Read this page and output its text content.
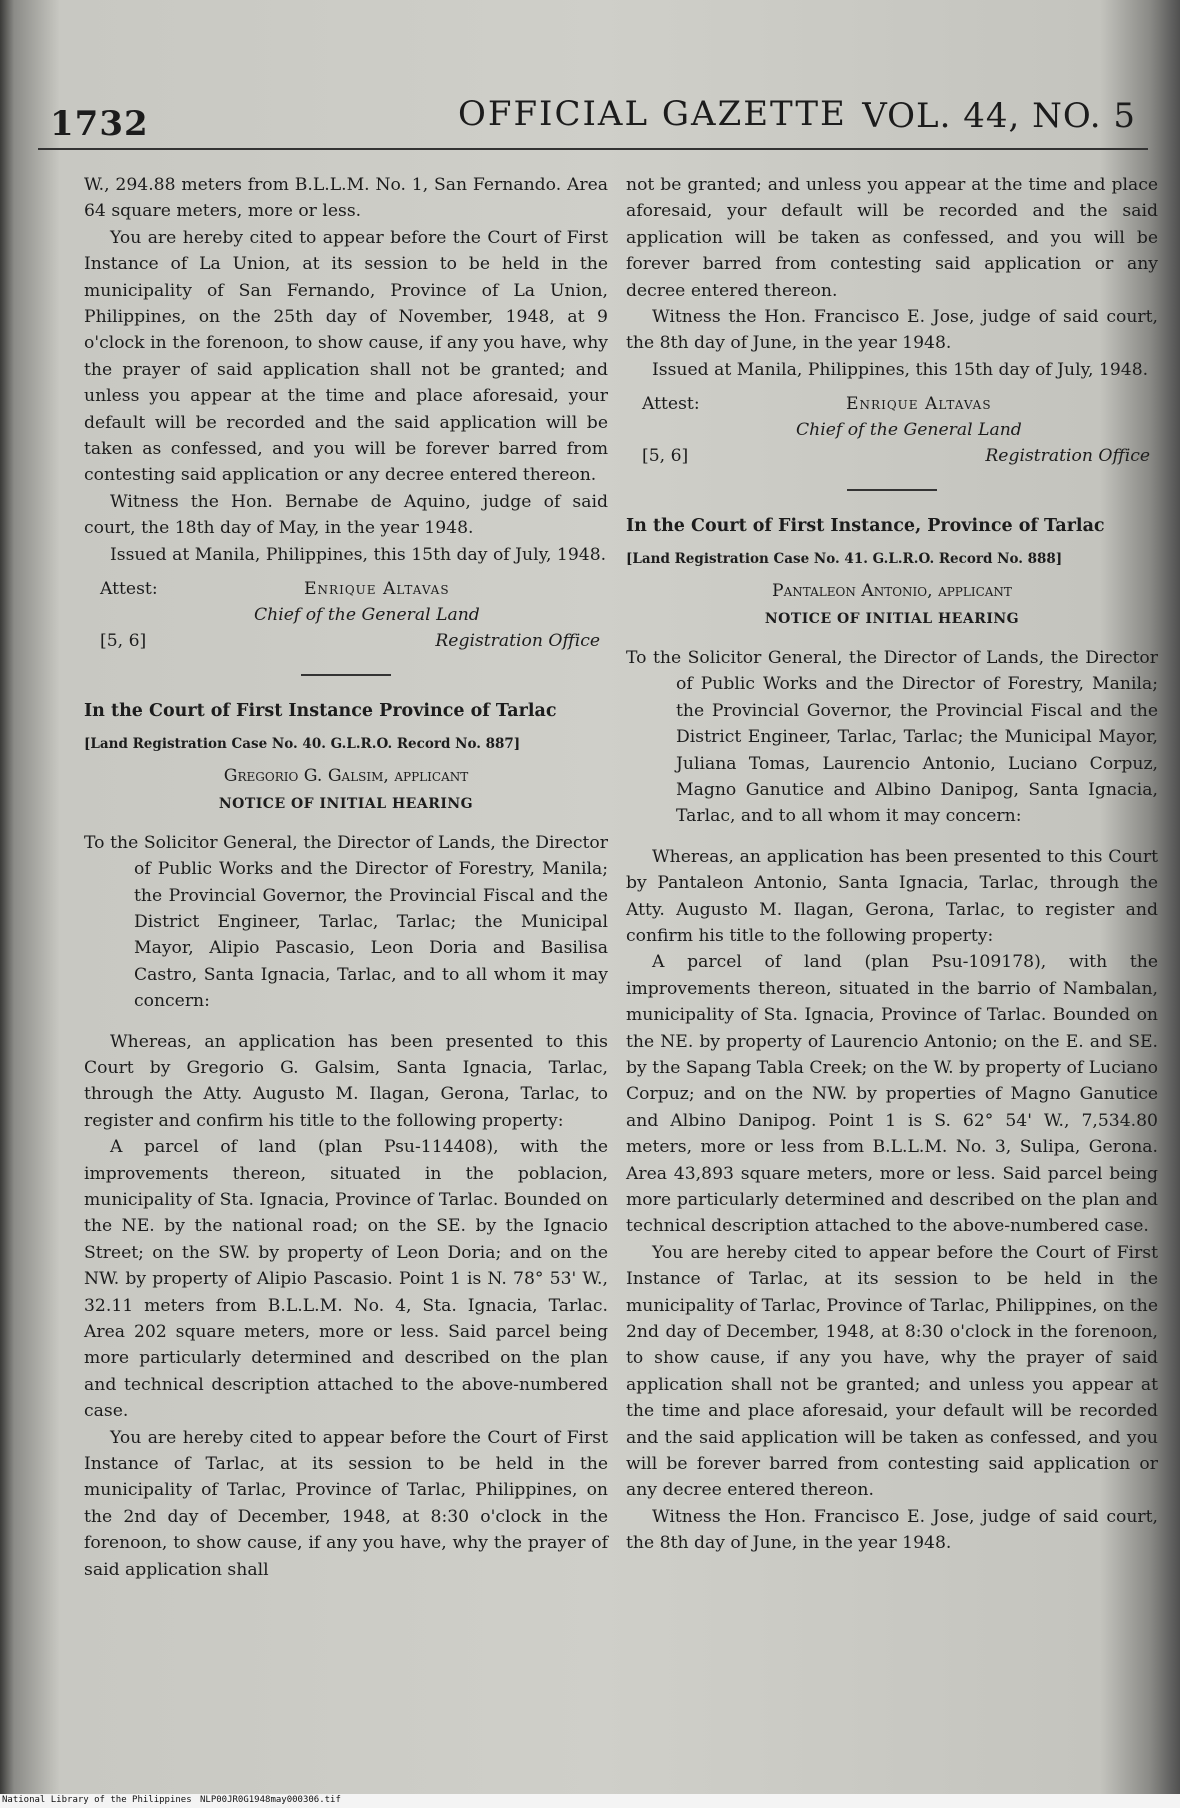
1732	OFFICIAL GAZETTE VOL. 44, NO. 5

W., 294.88 meters from B.L.L.M. No. 1, San Fernando. Area 64 square meters, more or less.

You are hereby cited to appear before the Court of First Instance of La Union, at its session to be held in the municipality of San Fernando, Province of La Union, Philippines, on the 25th day of November, 1948, at 9 o'clock in the forenoon, to show cause, if any you have, why the prayer of said application shall not be granted; and unless you appear at the time and place aforesaid, your default will be recorded and the said application will be taken as confessed, and you will be forever barred from contesting said application or any decree entered thereon.

Witness the Hon. Bernabe de Aquino, judge of said court, the 18th day of May, in the year 1948.

Issued at Manila, Philippines, this 15th day of July, 1948.

Attest:	Enrique Altavas
Chief of the General Land
[5, 6]	Registration Office

In the Court of First Instance Province of Tarlac

[Land Registration Case No. 40. G.L.R.O. Record No. 887]

Gregorio G. Galsim, applicant

NOTICE OF INITIAL HEARING

To the Solicitor General, the Director of Lands, the Director of Public Works and the Director of Forestry, Manila; the Provincial Governor, the Provincial Fiscal and the District Engineer, Tarlac, Tarlac; the Municipal Mayor, Alipio Pascasio, Leon Doria and Basilisa Castro, Santa Ignacia, Tarlac, and to all whom it may concern:

Whereas, an application has been presented to this Court by Gregorio G. Galsim, Santa Ignacia, Tarlac, through the Atty. Augusto M. Ilagan, Gerona, Tarlac, to register and confirm his title to the following property:

A parcel of land (plan Psu-114408), with the improvements thereon, situated in the poblacion, municipality of Sta. Ignacia, Province of Tarlac. Bounded on the NE. by the national road; on the SE. by the Ignacio Street; on the SW. by property of Leon Doria; and on the NW. by property of Alipio Pascasio. Point 1 is N. 78° 53' W., 32.11 meters from B.L.L.M. No. 4, Sta. Ignacia, Tarlac. Area 202 square meters, more or less. Said parcel being more particularly determined and described on the plan and technical description attached to the above-numbered case.

You are hereby cited to appear before the Court of First Instance of Tarlac, at its session to be held in the municipality of Tarlac, Province of Tarlac, Philippines, on the 2nd day of December, 1948, at 8:30 o'clock in the forenoon, to show cause, if any you have, why the prayer of said application shall

not be granted; and unless you appear at the time and place aforesaid, your default will be recorded and the said application will be taken as confessed, and you will be forever barred from contesting said application or any decree entered thereon.

Witness the Hon. Francisco E. Jose, judge of said court, the 8th day of June, in the year 1948.

Issued at Manila, Philippines, this 15th day of July, 1948.

Attest:	Enrique Altavas
Chief of the General Land
[5, 6]	Registration Office

In the Court of First Instance, Province of Tarlac

[Land Registration Case No. 41. G.L.R.O. Record No. 888]

Pantaleon Antonio, applicant

NOTICE OF INITIAL HEARING

To the Solicitor General, the Director of Lands, the Director of Public Works and the Director of Forestry, Manila; the Provincial Governor, the Provincial Fiscal and the District Engineer, Tarlac, Tarlac; the Municipal Mayor, Juliana Tomas, Laurencio Antonio, Luciano Corpuz, Magno Ganutice and Albino Danipog, Santa Ignacia, Tarlac, and to all whom it may concern:

Whereas, an application has been presented to this Court by Pantaleon Antonio, Santa Ignacia, Tarlac, through the Atty. Augusto M. Ilagan, Gerona, Tarlac, to register and confirm his title to the following property:

A parcel of land (plan Psu-109178), with the improvements thereon, situated in the barrio of Nambalan, municipality of Sta. Ignacia, Province of Tarlac. Bounded on the NE. by property of Laurencio Antonio; on the E. and SE. by the Sapang Tabla Creek; on the W. by property of Luciano Corpuz; and on the NW. by properties of Magno Ganutice and Albino Danipog. Point 1 is S. 62° 54' W., 7,534.80 meters, more or less from B.L.L.M. No. 3, Sulipa, Gerona. Area 43,893 square meters, more or less. Said parcel being more particularly determined and described on the plan and technical description attached to the above-numbered case.

You are hereby cited to appear before the Court of First Instance of Tarlac, at its session to be held in the municipality of Tarlac, Province of Tarlac, Philippines, on the 2nd day of December, 1948, at 8:30 o'clock in the forenoon, to show cause, if any you have, why the prayer of said application shall not be granted; and unless you appear at the time and place aforesaid, your default will be recorded and the said application will be taken as confessed, and you will be forever barred from contesting said application or any decree entered thereon.

Witness the Hon. Francisco E. Jose, judge of said court, the 8th day of June, in the year 1948.

National Library of the Philippines NLP00JR0G1948may000306.tif
